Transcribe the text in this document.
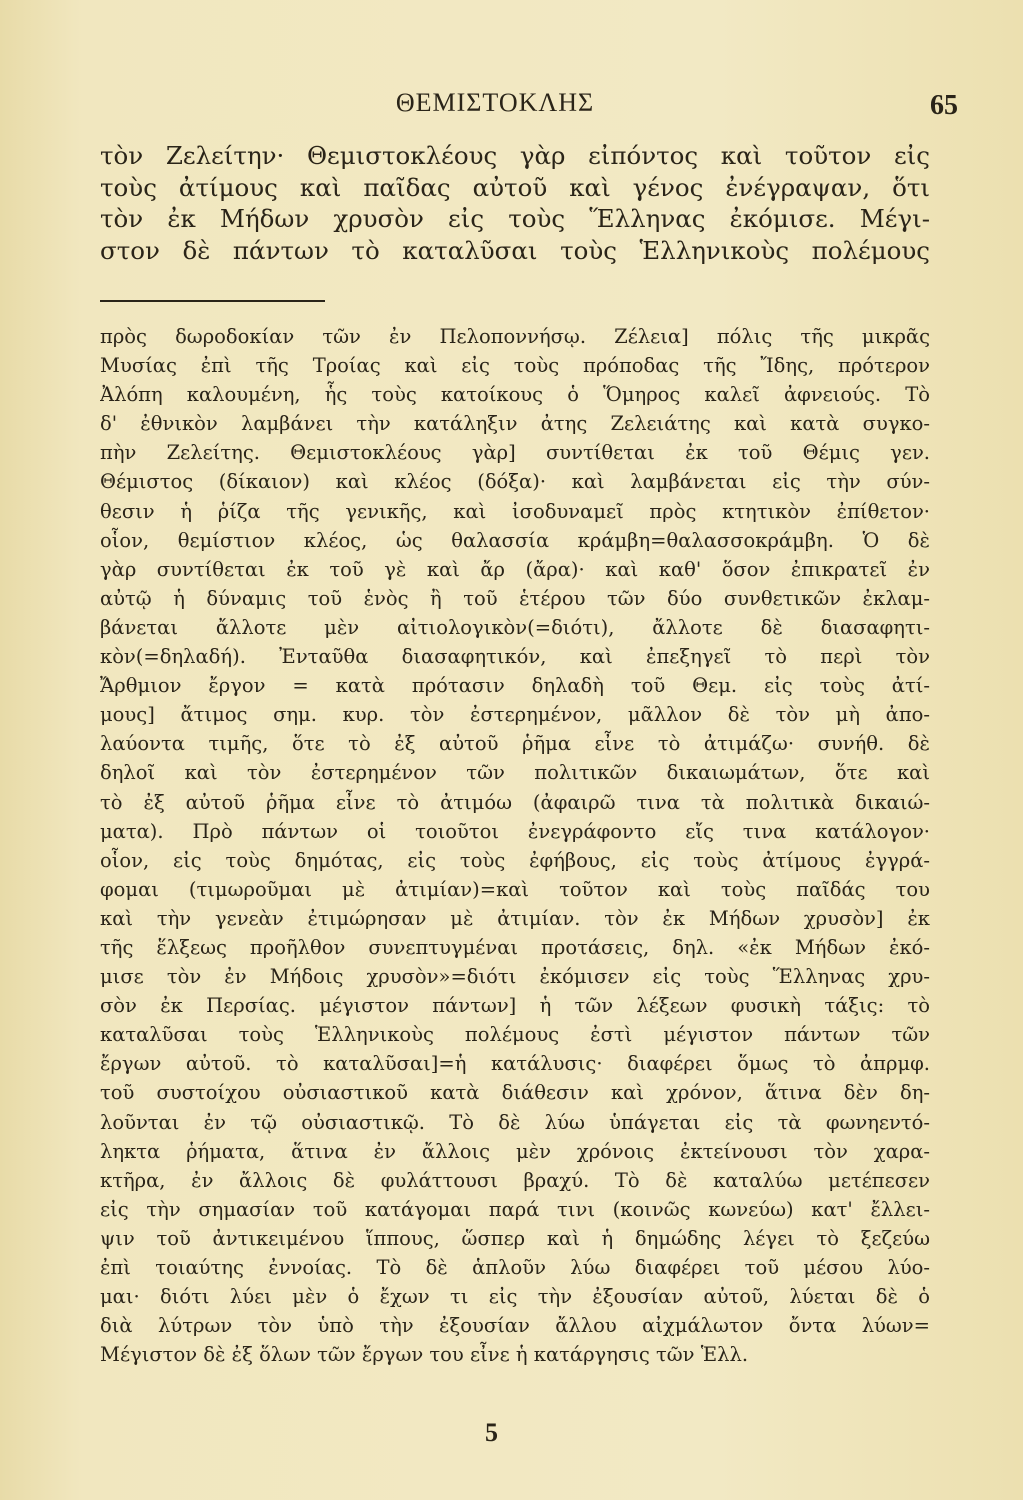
ΘΕΜΙΣΤΟΚΛΗΣ	65
τὸν Ζελείτην· Θεμιστοκλέους γὰρ εἰπόντος καὶ τοῦτον εἰς
τοὺς ἀτίμους καὶ παῖδας αὐτοῦ καὶ γένος ἐνέγραψαν, ὅτι
τὸν ἐκ Μήδων χρυσὸν εἰς τοὺς Ἕλληνας ἐκόμισε. Μέγι-
στον δὲ πάντων τὸ καταλῦσαι τοὺς Ἑλληνικοὺς πολέμους
πρὸς δωροδοκίαν τῶν ἐν Πελοποννήσῳ. Ζέλεια] πόλις τῆς μικρᾶς
Μυσίας ἐπὶ τῆς Τροίας καὶ εἰς τοὺς πρόποδας τῆς Ἴδης, πρότερον
Ἀλόπη καλουμένη, ἧς τοὺς κατοίκους ὁ Ὅμηρος καλεῖ ἀφνειούς. Τὸ
δ' ἐθνικὸν λαμβάνει τὴν κατάληξιν ἀτης Ζελειάτης καὶ κατὰ συγκο-
πὴν Ζελείτης. Θεμιστοκλέους γὰρ] συντίθεται ἐκ τοῦ Θέμις γεν.
Θέμιστος (δίκαιον) καὶ κλέος (δόξα)· καὶ λαμβάνεται εἰς τὴν σύν-
θεσιν ἡ ῥίζα τῆς γενικῆς, καὶ ἰσοδυναμεῖ πρὸς κτητικὸν ἐπίθετον·
οἷον, θεμίστιον κλέος, ὡς θαλασσία κράμβη=θαλασσοκράμβη. Ὁ δὲ
γὰρ συντίθεται ἐκ τοῦ γὲ καὶ ἄρ (ἄρα)· καὶ καθ' ὅσον ἐπικρατεῖ ἐν
αὐτῷ ἡ δύναμις τοῦ ἑνὸς ἢ τοῦ ἑτέρου τῶν δύο συνθετικῶν ἐκλαμ-
βάνεται ἄλλοτε μὲν αἰτιολογικὸν(=διότι), ἄλλοτε δὲ διασαφητι-
κὸν(=δηλαδή). Ἐνταῦθα διασαφητικόν, καὶ ἐπεξηγεῖ τὸ περὶ τὸν
Ἄρθμιον ἔργον = κατὰ πρότασιν δηλαδὴ τοῦ Θεμ. εἰς τοὺς ἀτί-
μους] ἄτιμος σημ. κυρ. τὸν ἐστερημένον, μᾶλλον δὲ τὸν μὴ ἀπο-
λαύοντα τιμῆς, ὅτε τὸ ἐξ αὐτοῦ ῥῆμα εἶνε τὸ ἀτιμάζω· συνήθ. δὲ
δηλοῖ καὶ τὸν ἐστερημένον τῶν πολιτικῶν δικαιωμάτων, ὅτε καὶ
τὸ ἐξ αὐτοῦ ῥῆμα εἶνε τὸ ἀτιμόω (ἀφαιρῶ τινα τὰ πολιτικὰ δικαιώ-
ματα). Πρὸ πάντων οἱ τοιοῦτοι ἐνεγράφοντο εἴς τινα κατάλογον·
οἷον, εἰς τοὺς δημότας, εἰς τοὺς ἐφήβους, εἰς τοὺς ἀτίμους ἐγγρά-
φομαι (τιμωροῦμαι μὲ ἀτιμίαν)=καὶ τοῦτον καὶ τοὺς παῖδάς του
καὶ τὴν γενεὰν ἐτιμώρησαν μὲ ἀτιμίαν. τὸν ἐκ Μήδων χρυσὸν] ἐκ
τῆς ἕλξεως προῆλθον συνεπτυγμέναι προτάσεις, δηλ. «ἐκ Μήδων ἐκό-
μισε τὸν ἐν Μήδοις χρυσὸν»=διότι ἐκόμισεν εἰς τοὺς Ἕλληνας χρυ-
σὸν ἐκ Περσίας. μέγιστον πάντων] ἡ τῶν λέξεων φυσικὴ τάξις: τὸ
καταλῦσαι τοὺς Ἑλληνικοὺς πολέμους ἐστὶ μέγιστον πάντων τῶν
ἔργων αὐτοῦ. τὸ καταλῦσαι]=ἡ κατάλυσις· διαφέρει ὅμως τὸ ἀπρμφ.
τοῦ συστοίχου οὐσιαστικοῦ κατὰ διάθεσιν καὶ χρόνον, ἅτινα δὲν δη-
λοῦνται ἐν τῷ οὐσιαστικῷ. Τὸ δὲ λύω ὑπάγεται εἰς τὰ φωνηεντό-
ληκτα ῥήματα, ἅτινα ἐν ἄλλοις μὲν χρόνοις ἐκτείνουσι τὸν χαρα-
κτῆρα, ἐν ἄλλοις δὲ φυλάττουσι βραχύ. Τὸ δὲ καταλύω μετέπεσεν
εἰς τὴν σημασίαν τοῦ κατάγομαι παρά τινι (κοινῶς κωνεύω) κατ' ἔλλει-
ψιν τοῦ ἀντικειμένου ἵππους, ὥσπερ καὶ ἡ δημώδης λέγει τὸ ξεζεύω
ἐπὶ τοιαύτης ἐννοίας. Τὸ δὲ ἁπλοῦν λύω διαφέρει τοῦ μέσου λύο-
μαι· διότι λύει μὲν ὁ ἔχων τι εἰς τὴν ἐξουσίαν αὐτοῦ, λύεται δὲ ὁ
διὰ λύτρων τὸν ὑπὸ τὴν ἐξουσίαν ἄλλου αἰχμάλωτον ὄντα λύων=
Μέγιστον δὲ ἐξ ὅλων τῶν ἔργων του εἶνε ἡ κατάργησις τῶν Ἑλλ.
5
